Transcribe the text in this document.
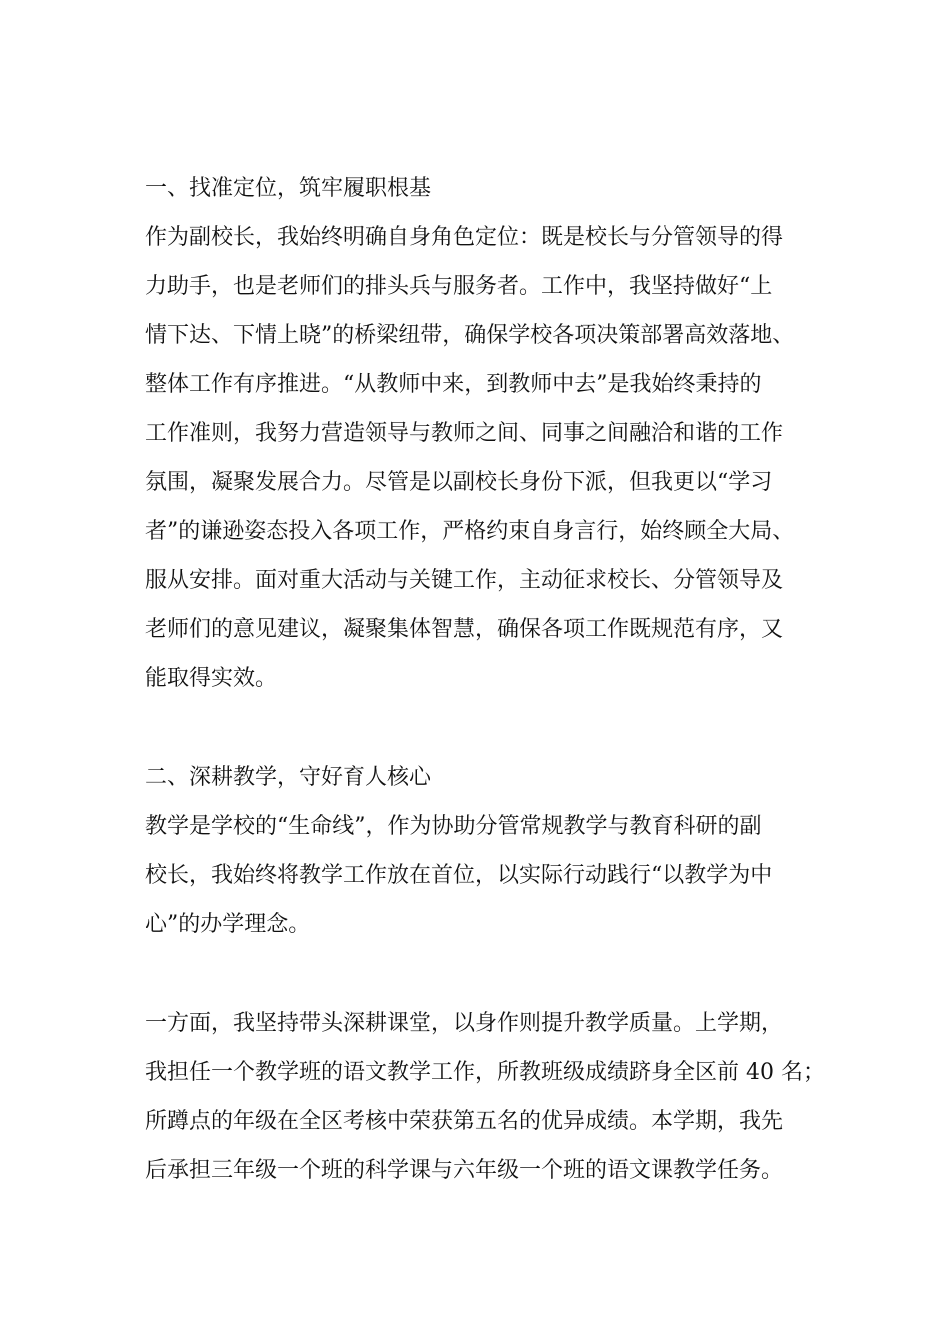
一、找准定位，筑牢履职根基
作为副校长，我始终明确自身角色定位：既是校长与分管领导的得
力助手，也是老师们的排头兵与服务者。工作中，我坚持做好“上
情下达、下情上晓”的桥梁纽带，确保学校各项决策部署高效落地、
整体工作有序推进。“从教师中来，到教师中去”是我始终秉持的
工作准则，我努力营造领导与教师之间、同事之间融洽和谐的工作
氛围，凝聚发展合力。尽管是以副校长身份下派，但我更以“学习
者”的谦逊姿态投入各项工作，严格约束自身言行，始终顾全大局、
服从安排。面对重大活动与关键工作，主动征求校长、分管领导及
老师们的意见建议，凝聚集体智慧，确保各项工作既规范有序，又
能取得实效。
二、深耕教学，守好育人核心
教学是学校的“生命线”，作为协助分管常规教学与教育科研的副
校长，我始终将教学工作放在首位，以实际行动践行“以教学为中
心”的办学理念。
一方面，我坚持带头深耕课堂，以身作则提升教学质量。上学期，
我担任一个教学班的语文教学工作，所教班级成绩跻身全区前 40 名；
所蹲点的年级在全区考核中荣获第五名的优异成绩。本学期，我先
后承担三年级一个班的科学课与六年级一个班的语文课教学任务。
